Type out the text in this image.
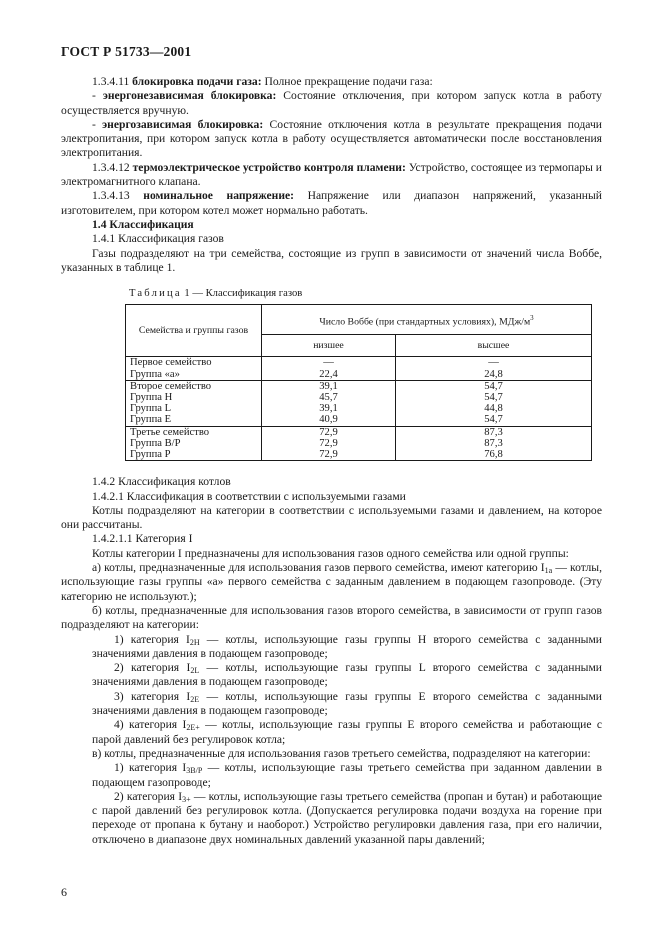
ГОСТ Р 51733—2001

1.3.4.11 блокировка подачи газа: Полное прекращение подачи газа:

- энергонезависимая блокировка: Состояние отключения, при котором запуск котла в работу осуществляется вручную.

- энергозависимая блокировка: Состояние отключения котла в результате прекращения подачи электропитания, при котором запуск котла в работу осуществляется автоматически после восстановления электропитания.

1.3.4.12 термоэлектрическое устройство контроля пламени: Устройство, состоящее из термопары и электромагнитного клапана.

1.3.4.13 номинальное напряжение: Напряжение или диапазон напряжений, указанный изготовителем, при котором котел может нормально работать.

1.4 Классификация

1.4.1 Классификация газов

Газы подразделяют на три семейства, состоящие из групп в зависимости от значений числа Воббе, указанных в таблице 1.

Таблица 1 — Классификация газов

Семейства и группы газов	Число Воббе (при стандартных условиях), МДж/$м^3$
	низшее	высшее
Первое семейство	—	—
Группа «а»	22,4	24,8
Второе семейство	39,1	54,7
Группа H	45,7	54,7
Группа L	39,1	44,8
Группа E	40,9	54,7
Третье семейство	72,9	87,3
Группа B/P	72,9	87,3
Группа P	72,9	76,8

1.4.2 Классификация котлов

1.4.2.1 Классификация в соответствии с используемыми газами

Котлы подразделяют на категории в соответствии с используемыми газами и давлением, на которое они рассчитаны.

1.4.2.1.1 Категория I

Котлы категории I предназначены для использования газов одного семейства или одной группы:

а) котлы, предназначенные для использования газов первого семейства, имеют категорию $I_{1a}$ — котлы, использующие газы группы «а» первого семейства с заданным давлением в подающем газопроводе. (Эту категорию не используют.);

б) котлы, предназначенные для использования газов второго семейства, в зависимости от групп газов подразделяют на категории:

1) категория $I_{2H}$ — котлы, использующие газы группы H второго семейства с заданными значениями давления в подающем газопроводе;

2) категория $I_{2L}$ — котлы, использующие газы группы L второго семейства с заданными значениями давления в подающем газопроводе;

3) категория $I_{2E}$ — котлы, использующие газы группы E второго семейства с заданными значениями давления в подающем газопроводе;

4) категория $I_{2E+}$ — котлы, использующие газы группы E второго семейства и работающие с парой давлений без регулировок котла;

в) котлы, предназначенные для использования газов третьего семейства, подразделяют на категории:

1) категория $I_{3B/P}$ — котлы, использующие газы третьего семейства при заданном давлении в подающем газопроводе;

2) категория $I_{3+}$ — котлы, использующие газы третьего семейства (пропан и бутан) и работающие с парой давлений без регулировок котла. (Допускается регулировка подачи воздуха на горение при переходе от пропана к бутану и наоборот.) Устройство регулировки давления газа, при его наличии, отключено в диапазоне двух номинальных давлений указанной пары давлений;

6
